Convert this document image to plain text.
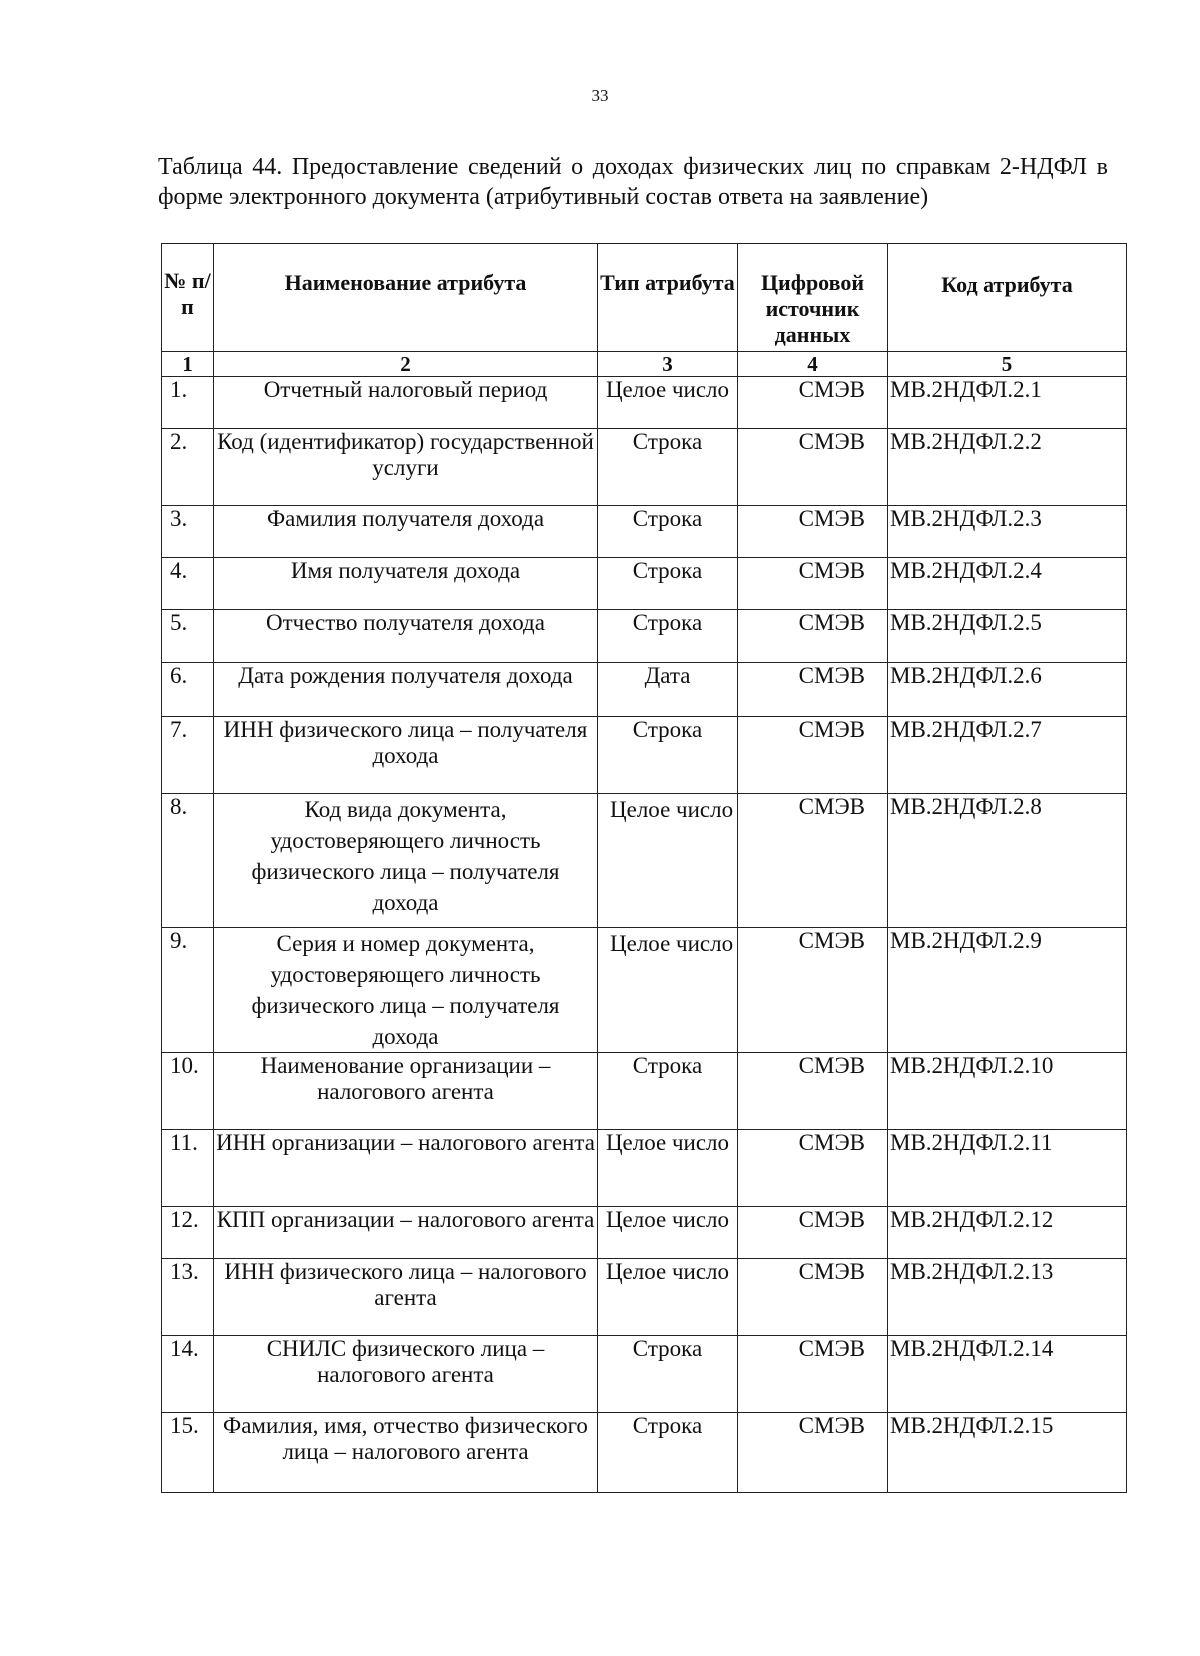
33
Таблица 44. Предоставление сведений о доходах физических лиц по справкам 2-НДФЛ в форме электронного документа (атрибутивный состав ответа на заявление)
№ п/п	Наименование атрибута	Тип атрибута	Цифровой источник данных	Код атрибута
1	2	3	4	5
1.	Отчетный налоговый период	Целое число	СМЭВ	МВ.2НДФЛ.2.1
2.	Код (идентификатор) государственной услуги	Строка	СМЭВ	МВ.2НДФЛ.2.2
3.	Фамилия получателя дохода	Строка	СМЭВ	МВ.2НДФЛ.2.3
4.	Имя получателя дохода	Строка	СМЭВ	МВ.2НДФЛ.2.4
5.	Отчество получателя дохода	Строка	СМЭВ	МВ.2НДФЛ.2.5
6.	Дата рождения получателя дохода	Дата	СМЭВ	МВ.2НДФЛ.2.6
7.	ИНН физического лица – получателя дохода	Строка	СМЭВ	МВ.2НДФЛ.2.7
8.	Код вида документа, удостоверяющего личность физического лица – получателя дохода	Целое число	СМЭВ	МВ.2НДФЛ.2.8
9.	Серия и номер документа, удостоверяющего личность физического лица – получателя дохода	Целое число	СМЭВ	МВ.2НДФЛ.2.9
10.	Наименование организации – налогового агента	Строка	СМЭВ	МВ.2НДФЛ.2.10
11.	ИНН организации – налогового агента	Целое число	СМЭВ	МВ.2НДФЛ.2.11
12.	КПП организации – налогового агента	Целое число	СМЭВ	МВ.2НДФЛ.2.12
13.	ИНН физического лица – налогового агента	Целое число	СМЭВ	МВ.2НДФЛ.2.13
14.	СНИЛС физического лица – налогового агента	Строка	СМЭВ	МВ.2НДФЛ.2.14
15.	Фамилия, имя, отчество физического лица – налогового агента	Строка	СМЭВ	МВ.2НДФЛ.2.15
